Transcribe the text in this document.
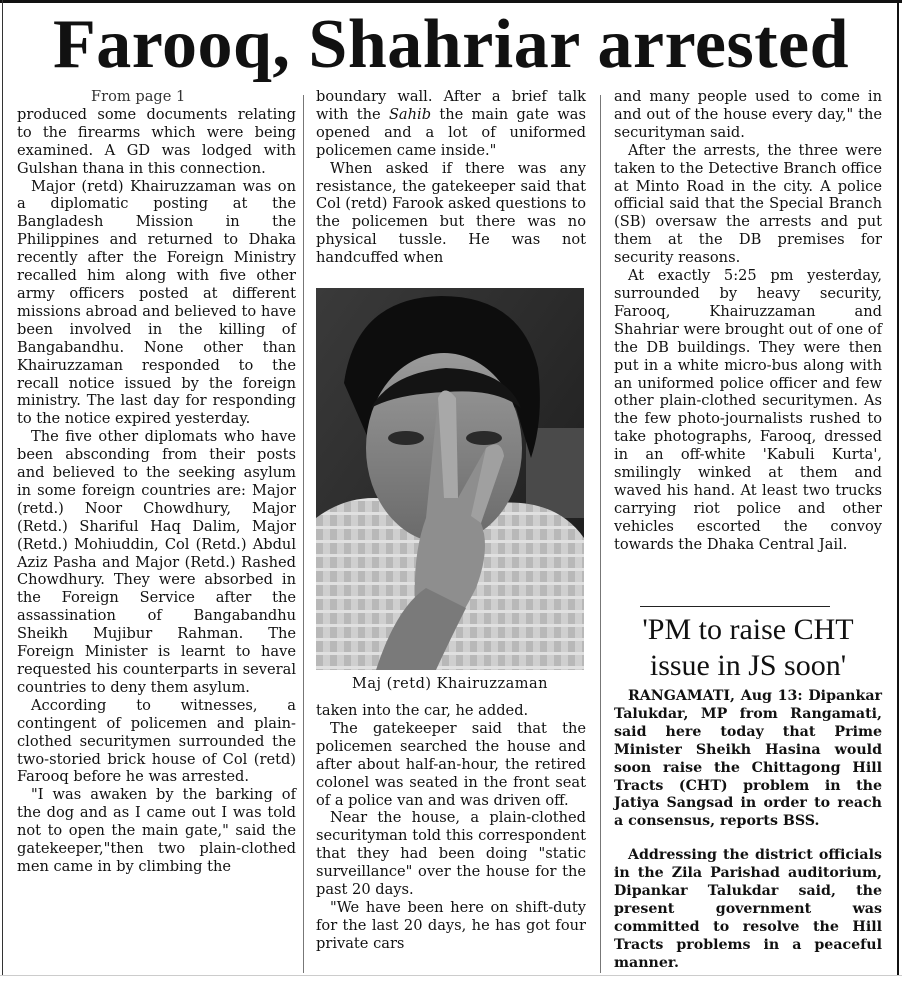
Farooq, Shahriar arrested
From page 1

produced some documents relating to the firearms which were being examined. A GD was lodged with Gulshan thana in this connection.

Major (retd) Khairuzzaman was on a diplomatic posting at the Bangladesh Mission in the Philippines and returned to Dhaka recently after the Foreign Ministry recalled him along with five other army officers posted at different missions abroad and believed to have been involved in the killing of Bangabandhu. None other than Khairuzzaman responded to the recall notice issued by the foreign ministry. The last day for responding to the notice expired yesterday.

The five other diplomats who have been absconding from their posts and believed to the seeking asylum in some foreign countries are: Major (retd.) Noor Chowdhury, Major (Retd.) Shariful Haq Dalim, Major (Retd.) Mohiuddin, Col (Retd.) Abdul Aziz Pasha and Major (Retd.) Rashed Chowdhury. They were absorbed in the Foreign Service after the assassination of Bangabandhu Sheikh Mujibur Rahman. The Foreign Minister is learnt to have requested his counterparts in several countries to deny them asylum.

According to witnesses, a contingent of policemen and plain-clothed securitymen surrounded the two-storied brick house of Col (retd) Farooq before he was arrested.

"I was awaken by the barking of the dog and as I came out I was told not to open the main gate," said the gatekeeper,"then two plain-clothed men came in by climbing the

boundary wall. After a brief talk with the Sahib the main gate was opened and a lot of uniformed policemen came inside."

When asked if there was any resistance, the gatekeeper said that Col (retd) Farook asked questions to the policemen but there was no physical tussle. He was not handcuffed when

Maj (retd) Khairuzzaman

taken into the car, he added.

The gatekeeper said that the policemen searched the house and after about half-an-hour, the retired colonel was seated in the front seat of a police van and was driven off.

Near the house, a plain-clothed securityman told this correspondent that they had been doing "static surveillance" over the house for the past 20 days.

"We have been here on shift-duty for the last 20 days, he has got four private cars

and many people used to come in and out of the house every day," the securityman said.

After the arrests, the three were taken to the Detective Branch office at Minto Road in the city. A police official said that the Special Branch (SB) oversaw the arrests and put them at the DB premises for security reasons.

At exactly 5:25 pm yesterday, surrounded by heavy security, Farooq, Khairuzzaman and Shahriar were brought out of one of the DB buildings. They were then put in a white micro-bus along with an uniformed police officer and few other plain-clothed securitymen. As the few photo-journalists rushed to take photographs, Farooq, dressed in an off-white 'Kabuli Kurta', smilingly winked at them and waved his hand. At least two trucks carrying riot police and other vehicles escorted the convoy towards the Dhaka Central Jail.

'PM to raise CHT issue in JS soon'

RANGAMATI, Aug 13: Dipankar Talukdar, MP from Rangamati, said here today that Prime Minister Sheikh Hasina would soon raise the Chittagong Hill Tracts (CHT) problem in the Jatiya Sangsad in order to reach a consensus, reports BSS.

Addressing the district officials in the Zila Parishad auditorium, Dipankar Talukdar said, the present government was committed to resolve the Hill Tracts problems in a peaceful manner.
